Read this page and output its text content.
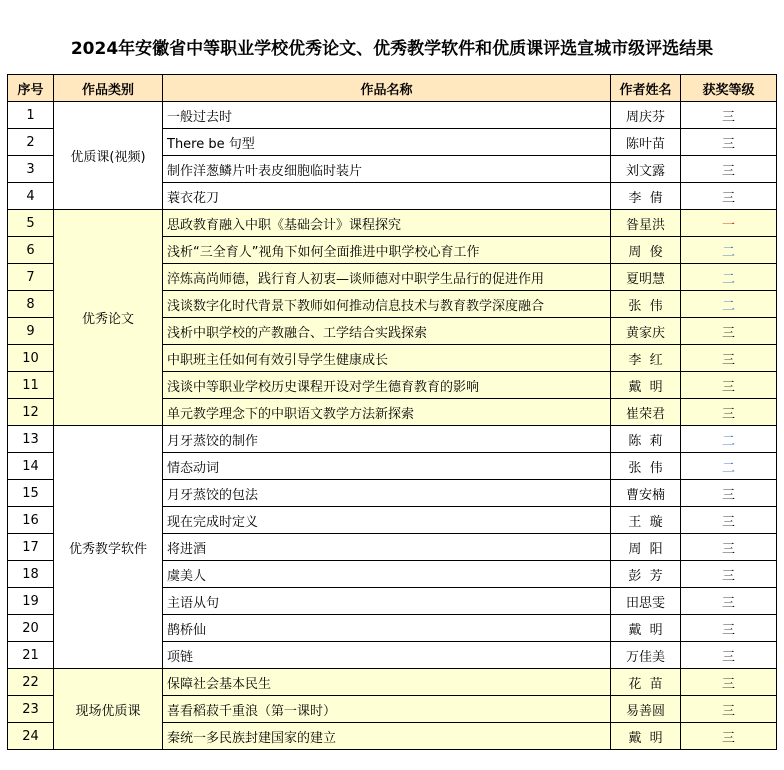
2024年安徽省中等职业学校优秀论文、优秀教学软件和优质课评选宣城市级评选结果
序号	作品类别	作品名称	作者姓名	获奖等级
1	优质课(视频)	一般过去时	周庆芬	三
2		There be 句型	陈叶苗	三
3		制作洋葱鳞片叶表皮细胞临时装片	刘文露	三
4		蓑衣花刀	李  倩	三
5	优秀论文	思政教育融入中职《基础会计》课程探究	昝星洪	一
6		浅析“三全育人”视角下如何全面推进中职学校心育工作	周  俊	二
7		淬炼高尚师德，践行育人初衷—谈师德对中职学生品行的促进作用	夏明慧	二
8		浅谈数字化时代背景下教师如何推动信息技术与教育教学深度融合	张  伟	二
9		浅析中职学校的产教融合、工学结合实践探索	黄家庆	三
10		中职班主任如何有效引导学生健康成长	李  红	三
11		浅谈中等职业学校历史课程开设对学生德育教育的影响	戴  明	三
12		单元教学理念下的中职语文教学方法新探索	崔荣君	三
13	优秀教学软件	月牙蒸饺的制作	陈  莉	二
14		情态动词	张  伟	二
15		月牙蒸饺的包法	曹安楠	三
16		现在完成时定义	王  璇	三
17		将进酒	周  阳	三
18		虞美人	彭  芳	三
19		主语从句	田思雯	三
20		鹊桥仙	戴  明	三
21		项链	万佳美	三
22	现场优质课	保障社会基本民生	花  苗	三
23		喜看稻菽千重浪（第一课时）	易善圆	三
24		秦统一多民族封建国家的建立	戴  明	三
